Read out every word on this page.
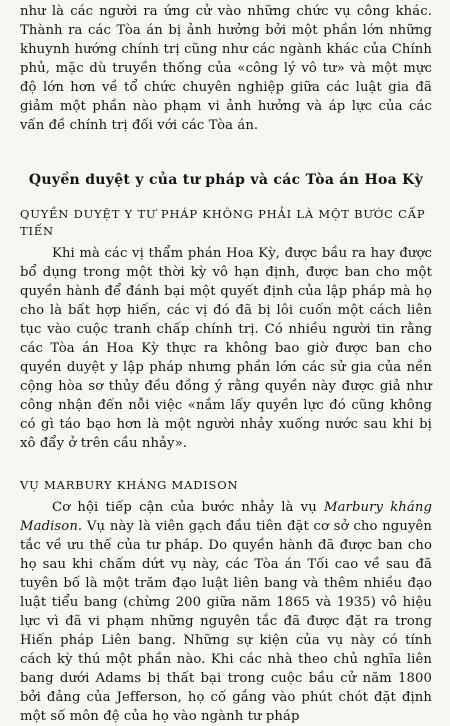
như là các người ra ứng cử vào những chức vụ công khác. Thành ra các Tòa án bị ảnh hưởng bởi một phần lớn những khuynh hướng chính trị cũng như các ngành khác của Chính phủ, mặc dù truyền thống của «công lý vô tư» và một mực độ lớn hơn về tổ chức chuyên nghiệp giữa các luật gia đã giảm một phần nào phạm vi ảnh hưởng và áp lực của các vấn đề chính trị đối với các Tòa án.

Quyền duyệt y của tư pháp và các Tòa án Hoa Kỳ
QUYỀN DUYỆT Y TƯ PHÁP KHÔNG PHẢI LÀ MỘT BƯỚC CẤP TIẾN

Khi mà các vị thẩm phán Hoa Kỳ, được bầu ra hay được bổ dụng trong một thời kỳ vô hạn định, được ban cho một quyền hành để đánh bại một quyết định của lập pháp mà họ cho là bất hợp hiến, các vị đó đã bị lôi cuốn một cách liên tục vào cuộc tranh chấp chính trị. Có nhiều người tin rằng các Tòa án Hoa Kỳ thực ra không bao giờ được ban cho quyền duyệt y lập pháp nhưng phần lớn các sử gia của nền cộng hòa sơ thủy đều đồng ý rằng quyền này được giả như công nhận đến nỗi việc «nắm lấy quyền lực đó cũng không có gì táo bạo hơn là một người nhảy xuống nước sau khi bị xô đẩy ở trên cầu nhảy».

VỤ MARBURY KHÁNG MADISON

Cơ hội tiếp cận của bước nhảy là vụ Marbury kháng Madison. Vụ này là viên gạch đầu tiên đặt cơ sở cho nguyên tắc về ưu thế của tư pháp. Do quyền hành đã được ban cho họ sau khi chấm dứt vụ này, các Tòa án Tối cao về sau đã tuyên bố là một trăm đạo luật liên bang và thêm nhiều đạo luật tiểu bang (chừng 200 giữa năm 1865 và 1935) vô hiệu lực vì đã vi phạm những nguyên tắc đã được đặt ra trong Hiến pháp Liên bang. Những sự kiện của vụ này có tính cách kỳ thú một phần nào. Khi các nhà theo chủ nghĩa liên bang dưới Adams bị thất bại trong cuộc bầu cử năm 1800 bởi đảng của Jefferson, họ cố gắng vào phút chót đặt định một số môn đệ của họ vào ngành tư pháp
